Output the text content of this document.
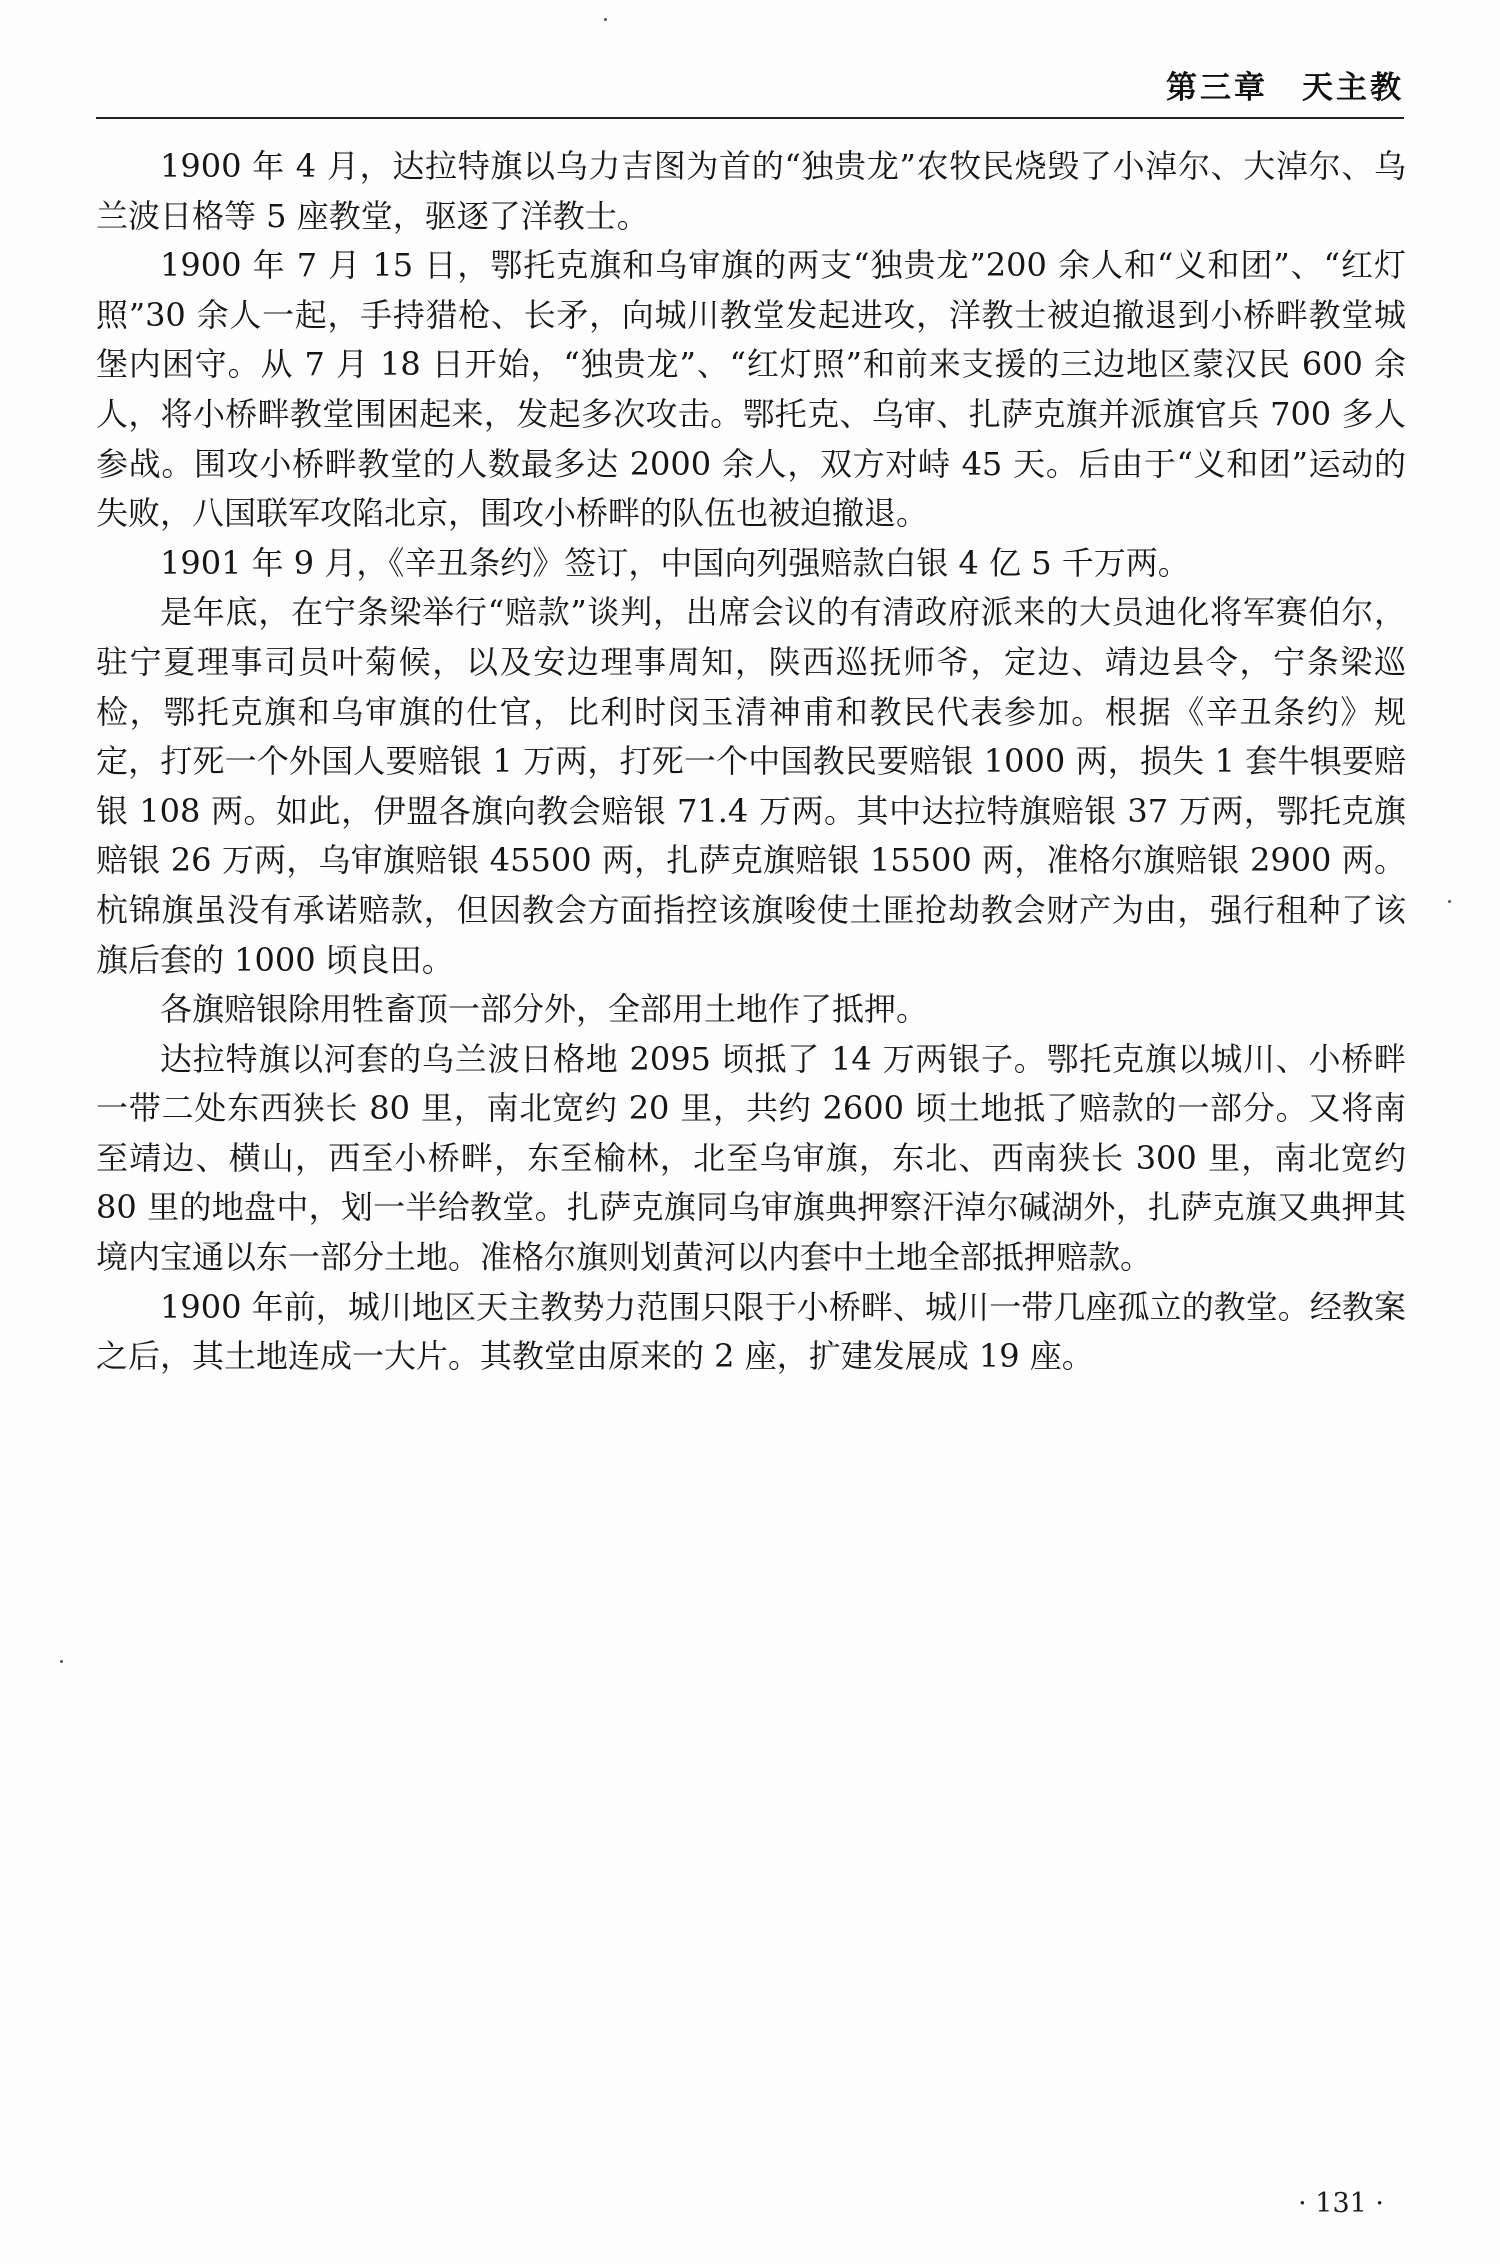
第三章　天主教

1900 年 4 月，达拉特旗以乌力吉图为首的“独贵龙”农牧民烧毁了小淖尔、大淖尔、乌兰波日格等 5 座教堂，驱逐了洋教士。

1900 年 7 月 15 日，鄂托克旗和乌审旗的两支“独贵龙”200 余人和“义和团”、“红灯照”30 余人一起，手持猎枪、长矛，向城川教堂发起进攻，洋教士被迫撤退到小桥畔教堂城堡内困守。从 7 月 18 日开始，“独贵龙”、“红灯照”和前来支援的三边地区蒙汉民 600 余人，将小桥畔教堂围困起来，发起多次攻击。鄂托克、乌审、扎萨克旗并派旗官兵 700 多人参战。围攻小桥畔教堂的人数最多达 2000 余人，双方对峙 45 天。后由于“义和团”运动的失败，八国联军攻陷北京，围攻小桥畔的队伍也被迫撤退。

1901 年 9 月，《辛丑条约》签订，中国向列强赔款白银 4 亿 5 千万两。

是年底，在宁条梁举行“赔款”谈判，出席会议的有清政府派来的大员迪化将军赛伯尔，驻宁夏理事司员叶菊候，以及安边理事周知，陕西巡抚师爷，定边、靖边县令，宁条梁巡检，鄂托克旗和乌审旗的仕官，比利时闵玉清神甫和教民代表参加。根据《辛丑条约》规定，打死一个外国人要赔银 1 万两，打死一个中国教民要赔银 1000 两，损失 1 套牛犋要赔银 108 两。如此，伊盟各旗向教会赔银 71.4 万两。其中达拉特旗赔银 37 万两，鄂托克旗赔银 26 万两，乌审旗赔银 45500 两，扎萨克旗赔银 15500 两，准格尔旗赔银 2900 两。杭锦旗虽没有承诺赔款，但因教会方面指控该旗唆使土匪抢劫教会财产为由，强行租种了该旗后套的 1000 顷良田。

各旗赔银除用牲畜顶一部分外，全部用土地作了抵押。

达拉特旗以河套的乌兰波日格地 2095 顷抵了 14 万两银子。鄂托克旗以城川、小桥畔一带二处东西狭长 80 里，南北宽约 20 里，共约 2600 顷土地抵了赔款的一部分。又将南至靖边、横山，西至小桥畔，东至榆林，北至乌审旗，东北、西南狭长 300 里，南北宽约 80 里的地盘中，划一半给教堂。扎萨克旗同乌审旗典押察汗淖尔碱湖外，扎萨克旗又典押其境内宝通以东一部分土地。准格尔旗则划黄河以内套中土地全部抵押赔款。

1900 年前，城川地区天主教势力范围只限于小桥畔、城川一带几座孤立的教堂。经教案之后，其土地连成一大片。其教堂由原来的 2 座，扩建发展成 19 座。

· 131 ·
